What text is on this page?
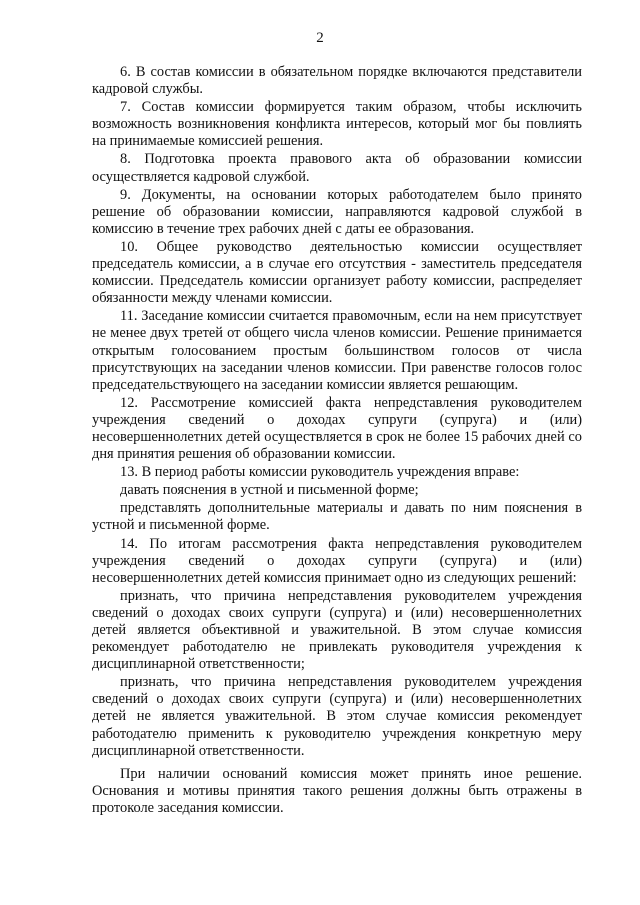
2

6. В состав комиссии в обязательном порядке включаются представители кадровой службы.

7. Состав комиссии формируется таким образом, чтобы исключить возможность возникновения конфликта интересов, который мог бы повлиять на принимаемые комиссией решения.

8. Подготовка проекта правового акта об образовании комиссии осуществляется кадровой службой.

9. Документы, на основании которых работодателем было принято решение об образовании комиссии, направляются кадровой службой в комиссию в течение трех рабочих дней с даты ее образования.

10. Общее руководство деятельностью комиссии осуществляет председатель комиссии, а в случае его отсутствия - заместитель председателя комиссии. Председатель комиссии организует работу комиссии, распределяет обязанности между членами комиссии.

11. Заседание комиссии считается правомочным, если на нем присутствует не менее двух третей от общего числа членов комиссии. Решение принимается открытым голосованием простым большинством голосов от числа присутствующих на заседании членов комиссии. При равенстве голосов голос председательствующего на заседании комиссии является решающим.

12. Рассмотрение комиссией факта непредставления руководителем учреждения сведений о доходах супруги (супруга) и (или) несовершеннолетних детей осуществляется в срок не более 15 рабочих дней со дня принятия решения об образовании комиссии.

13. В период работы комиссии руководитель учреждения вправе:

давать пояснения в устной и письменной форме;

представлять дополнительные материалы и давать по ним пояснения в устной и письменной форме.

14. По итогам рассмотрения факта непредставления руководителем учреждения сведений о доходах супруги (супруга) и (или) несовершеннолетних детей комиссия принимает одно из следующих решений:

признать, что причина непредставления руководителем учреждения сведений о доходах своих супруги (супруга) и (или) несовершеннолетних детей является объективной и уважительной. В этом случае комиссия рекомендует работодателю не привлекать руководителя учреждения к дисциплинарной ответственности;

признать, что причина непредставления руководителем учреждения сведений о доходах своих супруги (супруга) и (или) несовершеннолетних детей не является уважительной. В этом случае комиссия рекомендует работодателю применить к руководителю учреждения конкретную меру дисциплинарной ответственности.

При наличии оснований комиссия может принять иное решение. Основания и мотивы принятия такого решения должны быть отражены в протоколе заседания комиссии.
